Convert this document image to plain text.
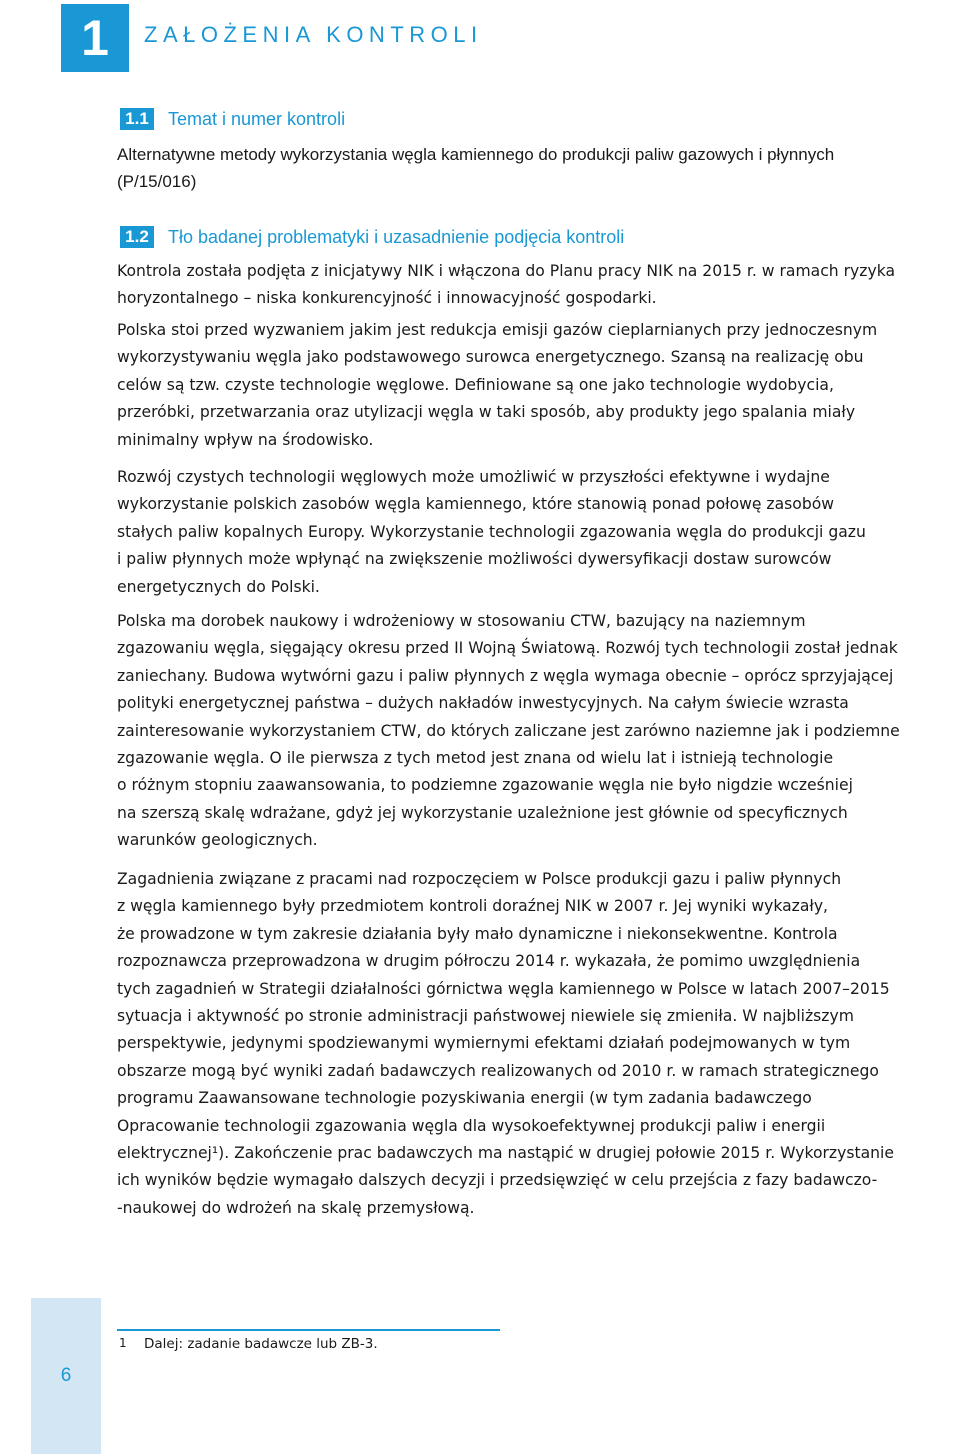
1	ZAŁOŻENIA KONTROLI
1.1 Temat i numer kontroli
Alternatywne metody wykorzystania węgla kamiennego do produkcji paliw gazowych i płynnych
(P/15/016)
1.2 Tło badanej problematyki i uzasadnienie podjęcia kontroli
Kontrola została podjęta z inicjatywy NIK i włączona do Planu pracy NIK na 2015 r. w ramach ryzyka
horyzontalnego – niska konkurencyjność i innowacyjność gospodarki.
Polska stoi przed wyzwaniem jakim jest redukcja emisji gazów cieplarnianych przy jednoczesnym
wykorzystywaniu węgla jako podstawowego surowca energetycznego. Szansą na realizację obu
celów są tzw. czyste technologie węglowe. Definiowane są one jako technologie wydobycia,
przeróbki, przetwarzania oraz utylizacji węgla w taki sposób, aby produkty jego spalania miały
minimalny wpływ na środowisko.
Rozwój czystych technologii węglowych może umożliwić w przyszłości efektywne i wydajne
wykorzystanie polskich zasobów węgla kamiennego, które stanowią ponad połowę zasobów
stałych paliw kopalnych Europy. Wykorzystanie technologii zgazowania węgla do produkcji gazu
i paliw płynnych może wpłynąć na zwiększenie możliwości dywersyfikacji dostaw surowców
energetycznych do Polski.
Polska ma dorobek naukowy i wdrożeniowy w stosowaniu CTW, bazujący na naziemnym
zgazowaniu węgla, sięgający okresu przed II Wojną Światową. Rozwój tych technologii został jednak
zaniechany. Budowa wytwórni gazu i paliw płynnych z węgla wymaga obecnie – oprócz sprzyjającej
polityki energetycznej państwa – dużych nakładów inwestycyjnych. Na całym świecie wzrasta
zainteresowanie wykorzystaniem CTW, do których zaliczane jest zarówno naziemne jak i podziemne
zgazowanie węgla. O ile pierwsza z tych metod jest znana od wielu lat i istnieją technologie
o różnym stopniu zaawansowania, to podziemne zgazowanie węgla nie było nigdzie wcześniej
na szerszą skalę wdrażane, gdyż jej wykorzystanie uzależnione jest głównie od specyficznych
warunków geologicznych.
Zagadnienia związane z pracami nad rozpoczęciem w Polsce produkcji gazu i paliw płynnych
z węgla kamiennego były przedmiotem kontroli doraźnej NIK w 2007 r. Jej wyniki wykazały,
że prowadzone w tym zakresie działania były mało dynamiczne i niekonsekwentne. Kontrola
rozpoznawcza przeprowadzona w drugim półroczu 2014 r. wykazała, że pomimo uwzględnienia
tych zagadnień w Strategii działalności górnictwa węgla kamiennego w Polsce w latach 2007–2015
sytuacja i aktywność po stronie administracji państwowej niewiele się zmieniła. W najbliższym
perspektywie, jedynymi spodziewanymi wymiernymi efektami działań podejmowanych w tym
obszarze mogą być wyniki zadań badawczych realizowanych od 2010 r. w ramach strategicznego
programu Zaawansowane technologie pozyskiwania energii (w tym zadania badawczego
Opracowanie technologii zgazowania węgla dla wysokoefektywnej produkcji paliw i energii
elektrycznej¹). Zakończenie prac badawczych ma nastąpić w drugiej połowie 2015 r. Wykorzystanie
ich wyników będzie wymagało dalszych decyzji i przedsięwzięć w celu przejścia z fazy badawczo-
-naukowej do wdrożeń na skalę przemysłową.
6
1 Dalej: zadanie badawcze lub ZB-3.
